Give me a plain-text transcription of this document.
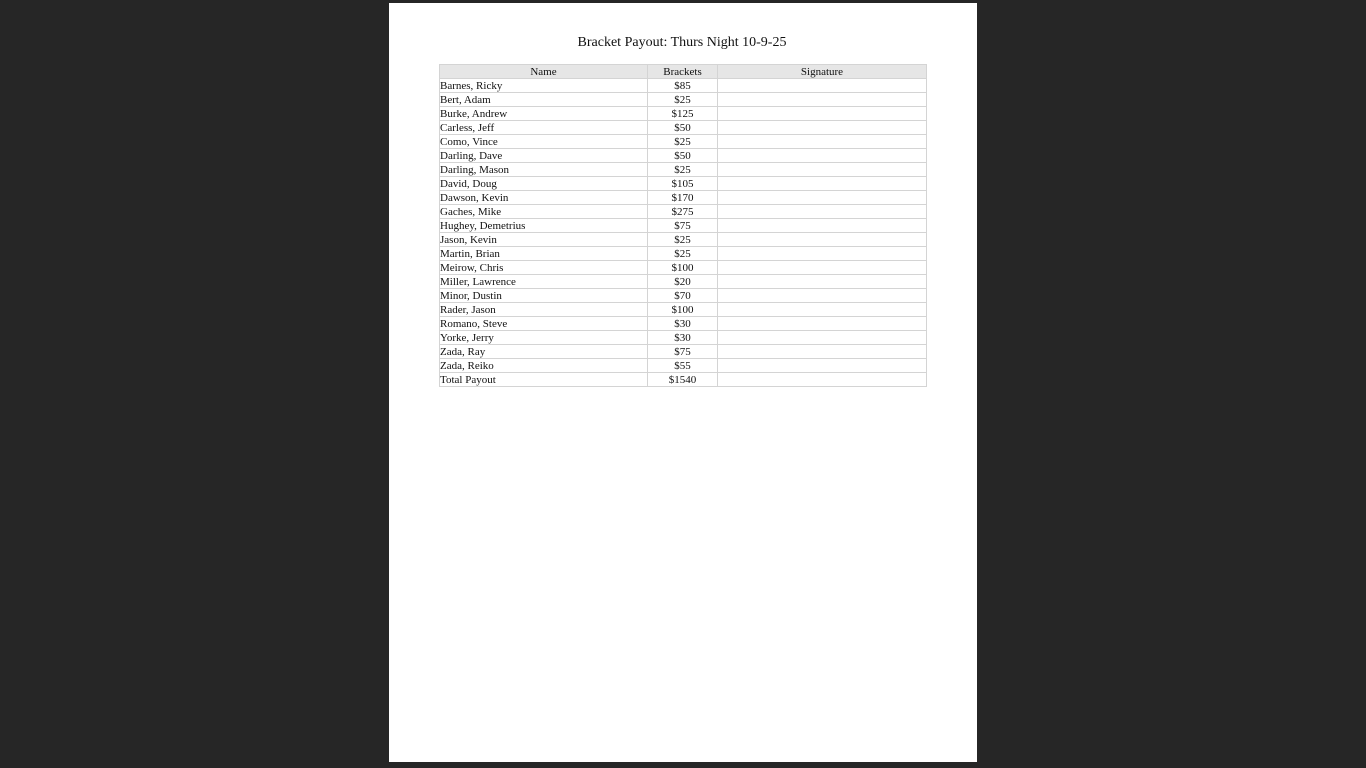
Bracket Payout: Thurs Night 10-9-25
Name	Brackets	Signature
Barnes, Ricky	$85	
Bert, Adam	$25	
Burke, Andrew	$125	
Carless, Jeff	$50	
Como, Vince	$25	
Darling, Dave	$50	
Darling, Mason	$25	
David, Doug	$105	
Dawson, Kevin	$170	
Gaches, Mike	$275	
Hughey, Demetrius	$75	
Jason, Kevin	$25	
Martin, Brian	$25	
Meirow, Chris	$100	
Miller, Lawrence	$20	
Minor, Dustin	$70	
Rader, Jason	$100	
Romano, Steve	$30	
Yorke, Jerry	$30	
Zada, Ray	$75	
Zada, Reiko	$55	
Total Payout	$1540	
